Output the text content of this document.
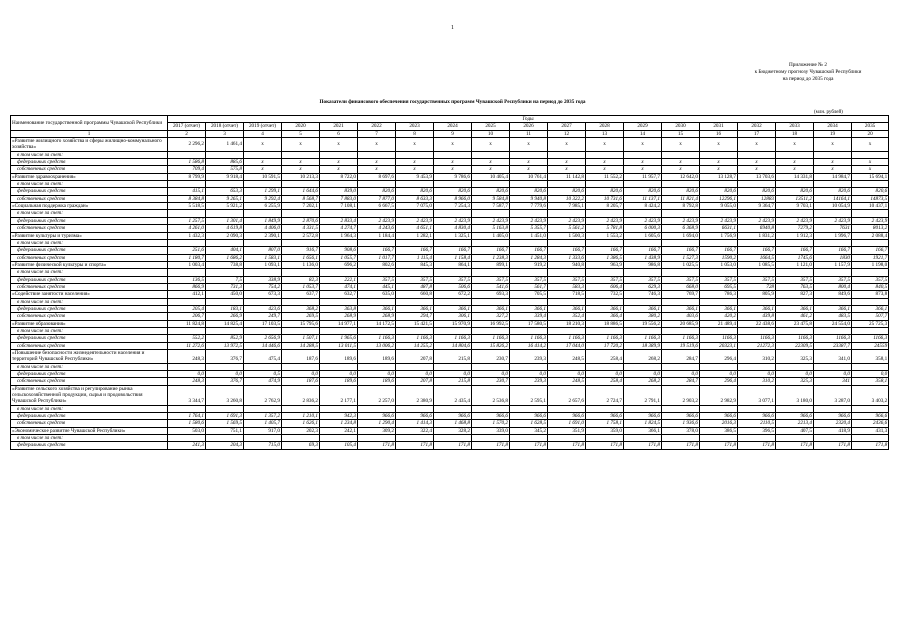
1
Приложение № 2
к Бюджетному прогнозу Чувашской Республики
на период до 2035 года
Показатели финансового обеспечения государственных программ Чувашской Республики на период до 2035 года
(млн. рублей)
Наименование государственной программы Чувашской Республики	Годы																		
	2017 (отчет)	2018 (отчет)	2019 (отчет)	2020	2021	2022	2023	2024	2025	2026	2027	2028	2029	2030	2031	2032	2033	2034	2035
1	2	3	4	5	6	7	8	9	10	11	12	13	14	15	16	17	18	19	20
«Развитие жилищного хозяйства и сферы жилищно-коммунального хозяйства»	2 296,2	1 461,4	x	x	x	x	x	x	x	x	x	x	x	x	x	x	x	x	x
в том числе за счет:																			
федеральных средств	1 586,8	885,6	x	x	x	x	x	x	x	x	x	x	x	x	x	x	x	x	x
собственных средств	709,4	575,8	x	x	x	x	x	x	x	x	x	x	x	x	x	x	x	x	x
«Развитие здравоохранения»	8 799,9	9 918,4	10 591,5	10 213,3	8 722,0	8 697,6	9 453,9	9 786,6	10 405,4	10 761,4	11 142,8	11 552,2	11 957,7	12 642,0	13 128,7	13 703,6	14 331,8	14 984,7	15 694,1
в том числе за счет:																			
федеральных средств	415,1	653,3	1 299,1	1 644,6	839,0	820,6	820,6	820,6	820,6	820,6	820,6	820,6	820,6	820,6	820,6	820,6	820,6	820,6	820,6
собственных средств	8 384,8	9 265,1	9 292,4	8 568,7	7 883,0	7 877,0	8 633,3	8 966,0	9 584,8	9 940,8	10 322,2	10 731,6	11 137,1	11 821,4	12296,1	12883	13511,2	14164,1	14873,5
«Социальная поддержка граждан»	5 518,5	5 921,2	6 255,9	7 202,1	7 108,1	6 667,5	7 075,0	7 254,3	7 587,7	7 779,6	7 985,1	8 205,7	8 424,2	8 792,8	9 055,0	9 364,7	9 703,1	10 054,9	10 437,1
в том числе за счет:																			
федеральных средств	1 257,5	1 301,4	1 849,9	2 870,6	2 833,4	2 423,9	2 423,9	2 423,9	2 423,9	2 423,9	2 423,9	2 423,9	2 423,9	2 423,9	2 423,9	2 423,9	2 423,9	2 423,9	2 423,9
собственных средств	4 261,0	4 619,8	4 406,0	4 331,5	4 274,7	4 243,6	4 651,1	4 830,4	5 163,8	5 355,7	5 561,2	5 781,8	6 000,3	6 368,9	6631,1	6940,8	7279,2	7631	8013,2
«Развитие культуры и туризма»	1 432,3	2 090,3	2 390,1	2 572,8	1 964,3	1 184,4	1 282,1	1 325,1	1 405,0	1 451,0	1 500,3	1 553,2	1 605,6	1 694,0	1 756,9	1 831,2	1 912,3	1 996,7	2 088,4
в том числе за счет:																			
федеральных средств	251,6	404,1	807,0	916,7	908,6	166,7	166,7	166,7	166,7	166,7	166,7	166,7	166,7	166,7	166,7	166,7	166,7	166,7	166,7
собственных средств	1 180,7	1 686,2	1 583,1	1 656,1	1 055,7	1 017,7	1 115,4	1 158,4	1 238,3	1 284,3	1 333,6	1 386,5	1 438,9	1 527,3	1590,2	1664,5	1745,6	1830	1921,7
«Развитие физической культуры и спорта»	1 003,4	738,8	1 093,1	1 136,0	696,2	802,6	845,3	864,1	899,1	919,2	940,8	963,9	986,8	1 025,5	1 053,0	1 085,5	1 121,0	1 157,9	1 198,0
в том числе за счет:																			
федеральных средств	136,5	7,5	338,9	82,3	222,1	357,5	357,5	357,5	357,5	357,5	357,5	357,5	357,5	357,5	357,5	357,5	357,5	357,5	357,5
собственных средств	866,9	731,3	754,2	1 053,7	474,1	445,1	487,8	506,6	541,6	561,7	583,3	606,4	629,3	668,0	695,5	728	763,5	800,4	840,5
«Содействие занятости населения»	412,1	450,0	673,3	637,7	632,7	635,0	660,8	672,2	693,3	705,5	718,5	732,5	746,3	769,7	786,3	805,9	827,3	849,6	873,8
в том числе за счет:																			
федеральных средств	205,4	183,1	423,6	368,2	363,8	366,1	366,1	366,1	366,1	366,1	366,1	366,1	366,1	366,1	366,1	366,1	366,1	366,1	366,1
собственных средств	206,7	266,9	249,7	269,5	268,9	268,9	294,7	306,1	327,2	339,4	352,4	366,4	380,2	403,6	420,2	439,8	461,2	483,5	507,7
«Развитие образования»	11 824,8	14 825,4	17 103,5	15 795,6	14 977,1	14 172,5	15 421,5	15 970,9	16 992,5	17 580,5	18 210,3	18 886,5	19 556,2	20 685,9	21 489,4	22 438,6	23 475,8	24 554,0	25 725,3
в том числе за счет:																			
федеральных средств	552,2	852,9	2 656,9	1 507,1	1 965,6	1 166,3	1 166,3	1 166,3	1 166,3	1 166,3	1 166,3	1 166,3	1 166,3	1 166,3	1166,3	1166,3	1166,3	1166,3	1166,3
собственных средств	11 272,6	13 972,5	14 446,6	14 288,5	13 011,5	13 006,2	14 255,2	14 804,6	15 826,2	16 414,2	17 044,0	17 720,2	18 389,9	19 519,6	20323,1	21272,3	22309,5	23387,7	24559
«Повышение безопасности жизнедеятельности населения и территорий Чувашской Республики»	248,3	376,7	475,4	187,6	189,6	189,6	207,8	215,8	230,7	239,3	248,5	258,4	268,2	284,7	296,4	310,2	325,3	341,0	358,1
в том числе за счет:																			
федеральных средств	0,0	0,0	0,5	0,0	0,0	0,0	0,0	0,0	0,0	0,0	0,0	0,0	0,0	0,0	0,0	0,0	0,0	0,0	0,0
собственных средств	248,3	376,7	474,9	187,6	189,6	189,6	207,8	215,8	230,7	239,3	248,5	258,4	268,2	284,7	296,4	310,2	325,3	341	358,1
«Развитие сельского хозяйства и регулирование рынка сельскохозяйственной продукции, сырья и продовольствия Чувашской Республики»	3 344,7	3 260,8	2 762,9	2 836,2	2 177,1	2 257,0	2 380,9	2 435,4	2 536,8	2 595,1	2 657,6	2 724,7	2 791,1	2 903,2	2 982,9	3 077,1	3 180,0	3 287,0	3 403,2
в том числе за счет:																			
федеральных средств	1 764,1	1 691,3	1 357,2	1 210,1	942,3	966,6	966,6	966,6	966,6	966,6	966,6	966,6	966,6	966,6	966,6	966,6	966,6	966,6	966,6
собственных средств	1 580,6	1 569,5	1 405,7	1 626,1	1 234,8	1 290,4	1 414,3	1 468,8	1 570,2	1 628,5	1 691,0	1 758,1	1 824,5	1 936,6	2016,3	2110,5	2213,4	2320,4	2436,6
«Экономическое развитие Чувашской Республики»	503,0	751,1	917,0	202,3	242,1	309,2	322,4	328,2	339,0	345,2	351,9	359,0	366,1	378,0	386,5	396,5	407,5	418,9	431,3
в том числе за счет:																			
федеральных средств	241,3	204,3	715,0	69,3	105,4	171,8	171,8	171,8	171,8	171,8	171,8	171,8	171,8	171,8	171,8	171,8	171,8	171,8	171,8
